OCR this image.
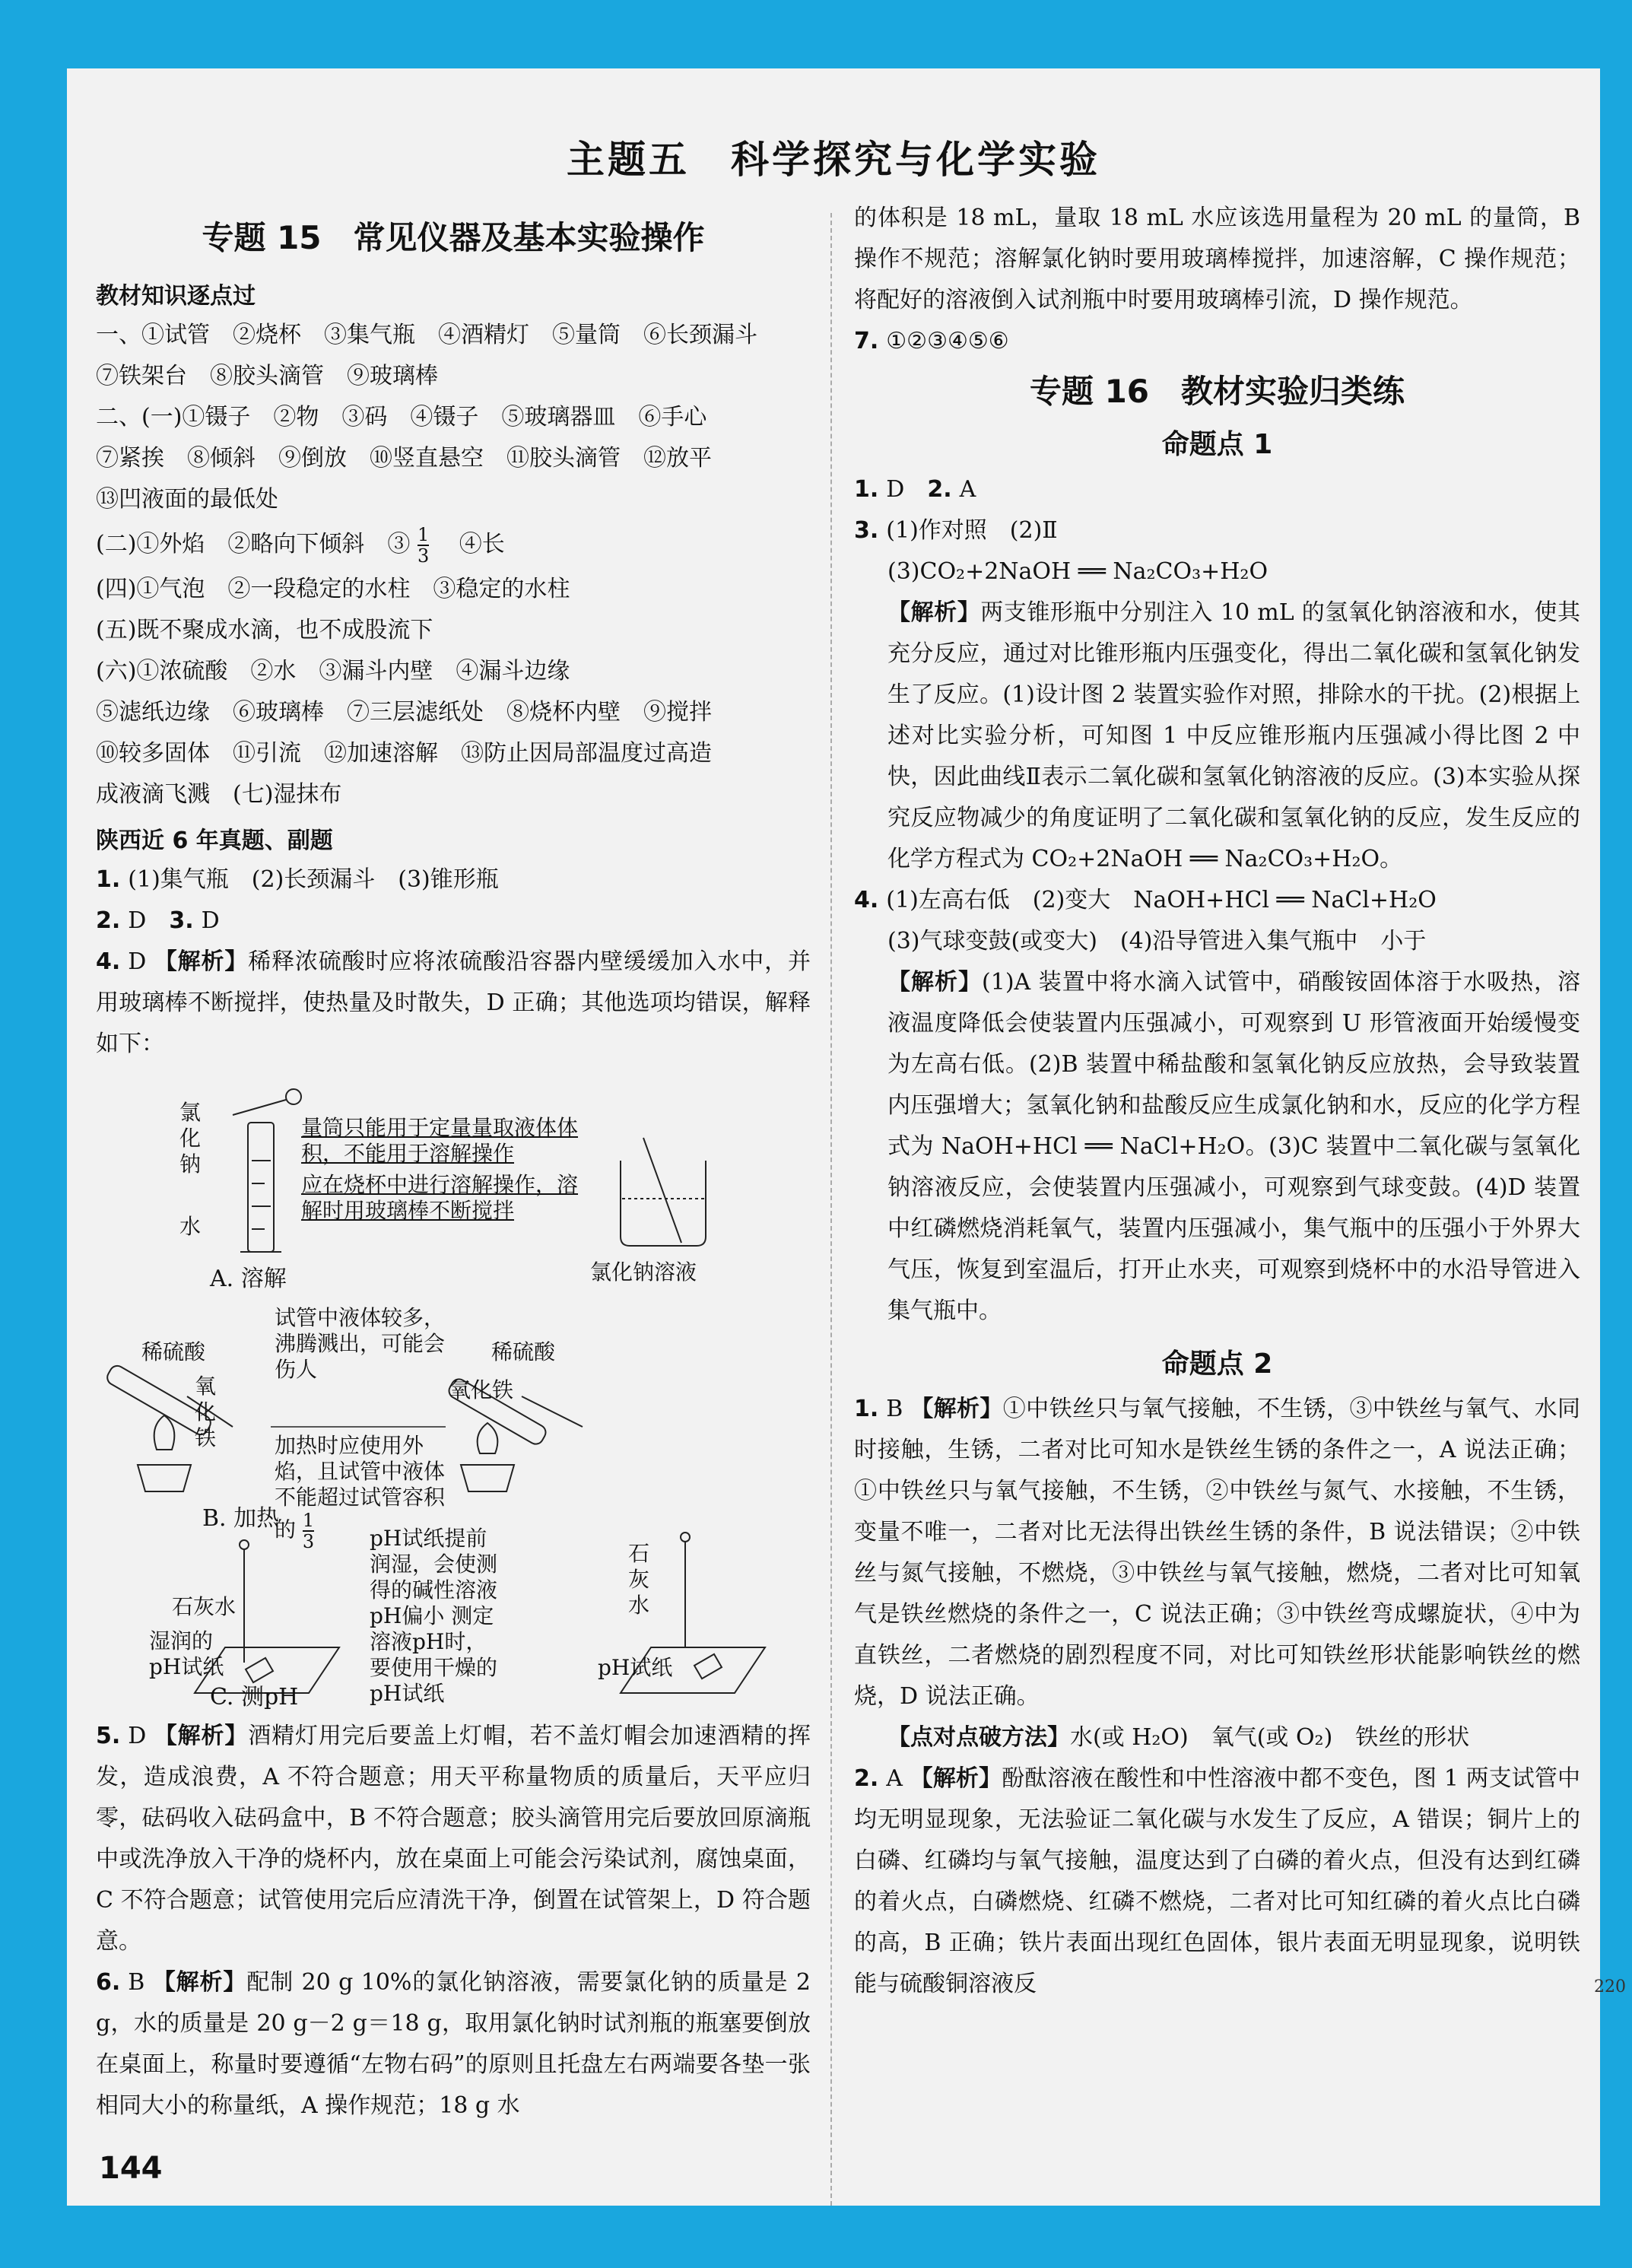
主题五　科学探究与化学实验
专题 15　常见仪器及基本实验操作
教材知识逐点过
一、①试管　②烧杯　③集气瓶　④酒精灯　⑤量筒　⑥长颈漏斗
⑦铁架台　⑧胶头滴管　⑨玻璃棒
二、(一)①镊子　②物　③码　④镊子　⑤玻璃器皿　⑥手心
⑦紧挨　⑧倾斜　⑨倒放　⑩竖直悬空　⑪胶头滴管　⑫放平
⑬凹液面的最低处
(二)①外焰　②略向下倾斜　③ $\frac{1}{3}$ 　④长
(四)①气泡　②一段稳定的水柱　③稳定的水柱
(五)既不聚成水滴，也不成股流下
(六)①浓硫酸　②水　③漏斗内壁　④漏斗边缘
⑤滤纸边缘　⑥玻璃棒　⑦三层滤纸处　⑧烧杯内壁　⑨搅拌
⑩较多固体　⑪引流　⑫加速溶解　⑬防止因局部温度过高造
成液滴飞溅　(七)湿抹布
陕西近 6 年真题、副题
1. (1)集气瓶　(2)长颈漏斗　(3)锥形瓶
2. D　 3. D
4. D 【解析】稀释浓硫酸时应将浓硫酸沿容器内壁缓缓加入水中，并用玻璃棒不断搅拌，使热量及时散失，D 正确；其他选项均错误，解释如下：
氯化钠
水
量筒只能用于定量量取液体体积，不能用于溶解操作
应在烧杯中进行溶解操作，溶解时用玻璃棒不断搅拌
A. 溶解	氯化钠溶液
稀硫酸
氧化铁
试管中液体较多，沸腾溅出，可能会伤人
加热时应使用外焰，且试管中液体不能超过试管容积的 $\frac{1}{3}$
稀硫酸
氧化铁
B. 加热
石灰水
湿润的pH试纸
pH试纸提前润湿，会使测得的碱性溶液pH偏小 测定溶液pH时，要使用干燥的pH试纸
石灰水
pH试纸
C. 测pH
5. D 【解析】酒精灯用完后要盖上灯帽，若不盖灯帽会加速酒精的挥发，造成浪费，A 不符合题意；用天平称量物质的质量后，天平应归零，砝码收入砝码盒中，B 不符合题意；胶头滴管用完后要放回原滴瓶中或洗净放入干净的烧杯内，放在桌面上可能会污染试剂，腐蚀桌面，C 不符合题意；试管使用完后应清洗干净，倒置在试管架上，D 符合题意。
6. B 【解析】配制 20 g 10%的氯化钠溶液，需要氯化钠的质量是 2 g，水的质量是 20 g－2 g＝18 g，取用氯化钠时试剂瓶的瓶塞要倒放在桌面上，称量时要遵循“左物右码”的原则且托盘左右两端要各垫一张相同大小的称量纸，A 操作规范；18 g 水
的体积是 18 mL，量取 18 mL 水应该选用量程为 20 mL 的量筒，B 操作不规范；溶解氯化钠时要用玻璃棒搅拌，加速溶解，C 操作规范；将配好的溶液倒入试剂瓶中时要用玻璃棒引流，D 操作规范。
7. ①②③④⑤⑥
专题 16　教材实验归类练
命题点 1
1. D　 2. A
3. (1)作对照　(2)Ⅱ
(3)CO₂+2NaOH ══ Na₂CO₃+H₂O
【解析】两支锥形瓶中分别注入 10 mL 的氢氧化钠溶液和水，使其充分反应，通过对比锥形瓶内压强变化，得出二氧化碳和氢氧化钠发生了反应。(1)设计图 2 装置实验作对照，排除水的干扰。(2)根据上述对比实验分析，可知图 1 中反应锥形瓶内压强减小得比图 2 中快，因此曲线Ⅱ表示二氧化碳和氢氧化钠溶液的反应。(3)本实验从探究反应物减少的角度证明了二氧化碳和氢氧化钠的反应，发生反应的化学方程式为 CO₂+2NaOH ══ Na₂CO₃+H₂O。
4. (1)左高右低　(2)变大　NaOH+HCl ══ NaCl+H₂O
(3)气球变鼓(或变大)　(4)沿导管进入集气瓶中　小于
【解析】(1)A 装置中将水滴入试管中，硝酸铵固体溶于水吸热，溶液温度降低会使装置内压强减小，可观察到 U 形管液面开始缓慢变为左高右低。(2)B 装置中稀盐酸和氢氧化钠反应放热，会导致装置内压强增大；氢氧化钠和盐酸反应生成氯化钠和水，反应的化学方程式为 NaOH+HCl ══ NaCl+H₂O。(3)C 装置中二氧化碳与氢氧化钠溶液反应，会使装置内压强减小，可观察到气球变鼓。(4)D 装置中红磷燃烧消耗氧气，装置内压强减小，集气瓶中的压强小于外界大气压，恢复到室温后，打开止水夹，可观察到烧杯中的水沿导管进入集气瓶中。
命题点 2
1. B 【解析】①中铁丝只与氧气接触，不生锈，③中铁丝与氧气、水同时接触，生锈，二者对比可知水是铁丝生锈的条件之一，A 说法正确；①中铁丝只与氧气接触，不生锈，②中铁丝与氮气、水接触，不生锈，变量不唯一，二者对比无法得出铁丝生锈的条件，B 说法错误；②中铁丝与氮气接触，不燃烧，③中铁丝与氧气接触，燃烧，二者对比可知氧气是铁丝燃烧的条件之一，C 说法正确；③中铁丝弯成螺旋状，④中为直铁丝，二者燃烧的剧烈程度不同，对比可知铁丝形状能影响铁丝的燃烧，D 说法正确。
【点对点破方法】水(或 H₂O)　氧气(或 O₂)　铁丝的形状
2. A 【解析】酚酞溶液在酸性和中性溶液中都不变色，图 1 两支试管中均无明显现象，无法验证二氧化碳与水发生了反应，A 错误；铜片上的白磷、红磷均与氧气接触，温度达到了白磷的着火点，但没有达到红磷的着火点，白磷燃烧、红磷不燃烧，二者对比可知红磷的着火点比白磷的高，B 正确；铁片表面出现红色固体，银片表面无明显现象，说明铁能与硫酸铜溶液反
144
220
